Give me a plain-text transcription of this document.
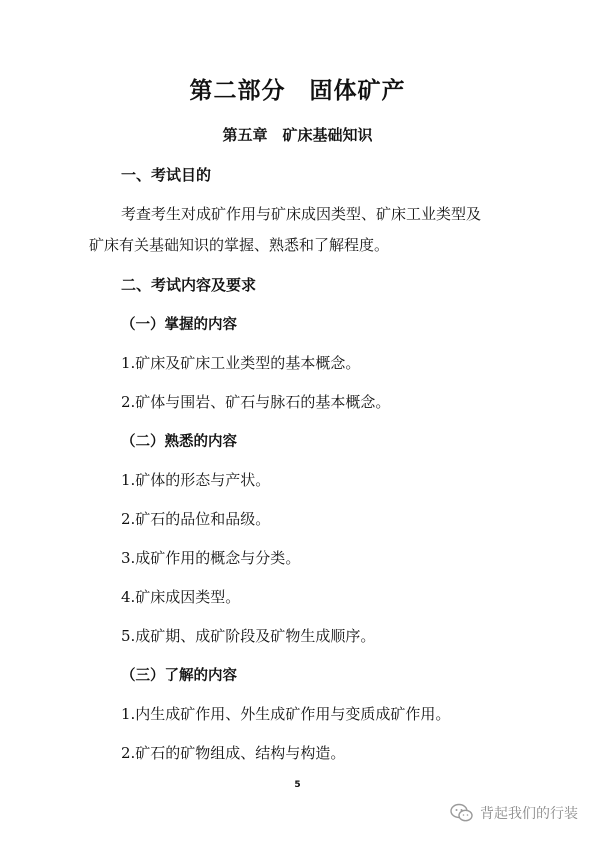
第二部分　固体矿产
第五章　矿床基础知识
一、考试目的
考查考生对成矿作用与矿床成因类型、矿床工业类型及
矿床有关基础知识的掌握、熟悉和了解程度。
二、考试内容及要求
（一）掌握的内容
1.矿床及矿床工业类型的基本概念。
2.矿体与围岩、矿石与脉石的基本概念。
（二）熟悉的内容
1.矿体的形态与产状。
2.矿石的品位和品级。
3.成矿作用的概念与分类。
4.矿床成因类型。
5.成矿期、成矿阶段及矿物生成顺序。
（三）了解的内容
1.内生成矿作用、外生成矿作用与变质成矿作用。
2.矿石的矿物组成、结构与构造。
5
背起我们的行装
